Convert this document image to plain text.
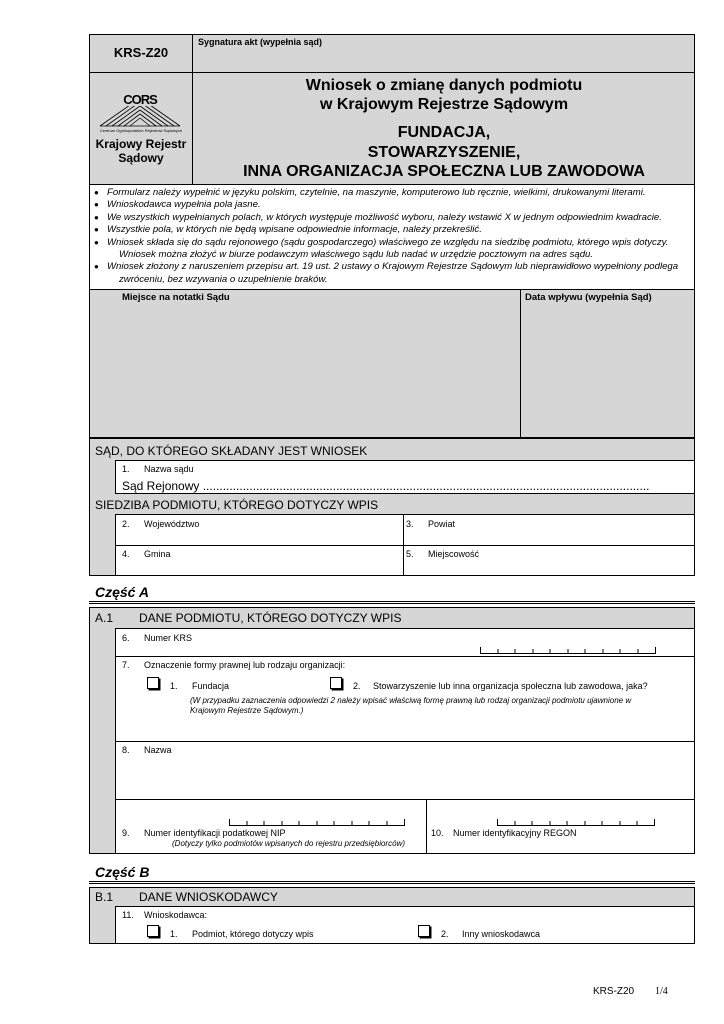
KRS-Z20
Sygnatura akt (wypełnia sąd)
CORS
Centrum Ogólnopolskich Rejestrów Sądowych
Krajowy Rejestr
Sądowy
Wniosek o zmianę danych podmiotu
w Krajowym Rejestrze Sądowym
FUNDACJA,
STOWARZYSZENIE,
INNA ORGANIZACJA SPOŁECZNA LUB ZAWODOWA
● Formularz należy wypełnić w języku polskim, czytelnie, na maszynie, komputerowo lub ręcznie, wielkimi, drukowanymi literami.
● Wnioskodawca wypełnia pola jasne.
● We wszystkich wypełnianych polach, w których występuje możliwość wyboru, należy wstawić X w jednym odpowiednim kwadracie.
● Wszystkie pola, w których nie będą wpisane odpowiednie informacje, należy przekreślić.
● Wniosek składa się do sądu rejonowego (sądu gospodarczego) właściwego ze względu na siedzibę podmiotu, którego wpis dotyczy.
Wniosek można złożyć w biurze podawczym właściwego sądu lub nadać w urzędzie pocztowym na adres sądu.
● Wniosek złożony z naruszeniem przepisu art. 19 ust. 2 ustawy o Krajowym Rejestrze Sądowym lub nieprawidłowo wypełniony podlega
zwróceniu, bez wzywania o uzupełnienie braków.
Miejsce na notatki Sądu	Data wpływu (wypełnia Sąd)
SĄD, DO KTÓREGO SKŁADANY JEST WNIOSEK
1. Nazwa sądu
Sąd Rejonowy ......................................................................................................................................
SIEDZIBA PODMIOTU, KTÓREGO DOTYCZY WPIS
2. Województwo	3. Powiat
4. Gmina	5. Miejscowość
Część A
A.1 DANE PODMIOTU, KTÓREGO DOTYCZY WPIS
6. Numer KRS
7. Oznaczenie formy prawnej lub rodzaju organizacji:
1. Fundacja	2. Stowarzyszenie lub inna organizacja społeczna lub zawodowa, jaka?
(W przypadku zaznaczenia odpowiedzi 2 należy wpisać właściwą formę prawną lub rodzaj organizacji podmiotu ujawnione w
Krajowym Rejestrze Sądowym.)
8. Nazwa
9. Numer identyfikacji podatkowej NIP
(Dotyczy tylko podmiotów wpisanych do rejestru przedsiębiorców)
10. Numer identyfikacyjny REGON
Część B
B.1 DANE WNIOSKODAWCY
11. Wnioskodawca:
1. Podmiot, którego dotyczy wpis	2. Inny wnioskodawca
KRS-Z20 1/4
